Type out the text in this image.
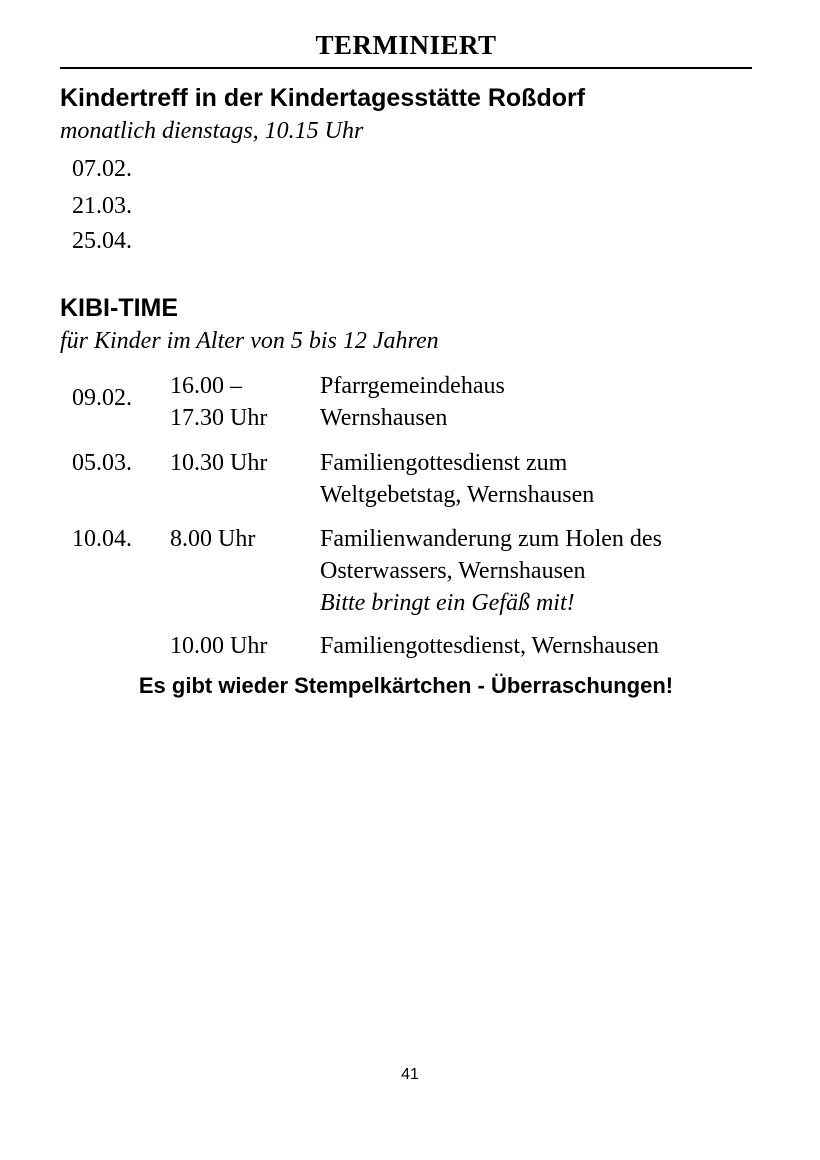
TERMINIERT
Kindertreff in der Kindertagesstätte Roßdorf
monatlich dienstags, 10.15 Uhr
07.02.
21.03.
25.04.
KIBI-TIME
für Kinder im Alter von 5 bis 12 Jahren
09.02. 16.00 –
17.30 Uhr
Pfarrgemeindehaus
Wernshausen
05.03. 10.30 Uhr Familiengottesdienst zum
Weltgebetstag, Wernshausen
10.04. 8.00 Uhr	Familienwanderung zum Holen des
Osterwassers, Wernshausen
Bitte bringt ein Gefäß mit!
10.00 Uhr Familiengottesdienst, Wernshausen
Es gibt wieder Stempelkärtchen - Überraschungen!
41
